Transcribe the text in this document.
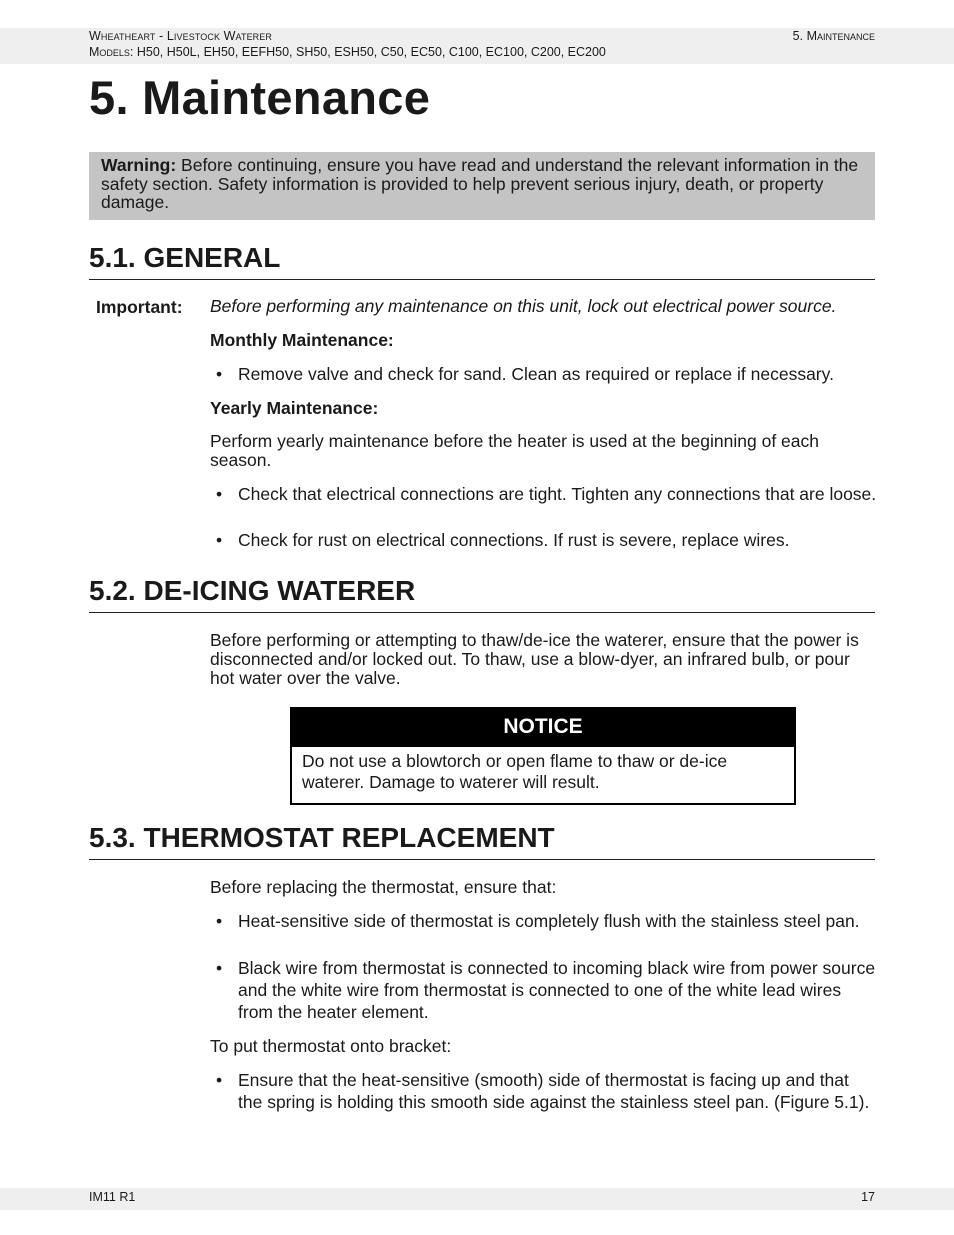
Wheatheart - Livestock Waterer
Models: H50, H50L, EH50, EEFH50, SH50, ESH50, C50, EC50, C100, EC100, C200, EC200
5. Maintenance
5. Maintenance
Warning: Before continuing, ensure you have read and understand the relevant information in the safety section. Safety information is provided to help prevent serious injury, death, or property damage.
5.1. GENERAL
Important: Before performing any maintenance on this unit, lock out electrical power source.
Monthly Maintenance:
• Remove valve and check for sand. Clean as required or replace if necessary.
Yearly Maintenance:
Perform yearly maintenance before the heater is used at the beginning of each season.
• Check that electrical connections are tight. Tighten any connections that are loose.
• Check for rust on electrical connections. If rust is severe, replace wires.
5.2. DE-ICING WATERER
Before performing or attempting to thaw/de-ice the waterer, ensure that the power is disconnected and/or locked out. To thaw, use a blow-dyer, an infrared bulb, or pour hot water over the valve.
NOTICE
Do not use a blowtorch or open flame to thaw or de-ice waterer. Damage to waterer will result.
5.3. THERMOSTAT REPLACEMENT
Before replacing the thermostat, ensure that:
• Heat-sensitive side of thermostat is completely flush with the stainless steel pan.
• Black wire from thermostat is connected to incoming black wire from power source and the white wire from thermostat is connected to one of the white lead wires from the heater element.
To put thermostat onto bracket:
• Ensure that the heat-sensitive (smooth) side of thermostat is facing up and that the spring is holding this smooth side against the stainless steel pan. (Figure 5.1).
IM11 R1	17
